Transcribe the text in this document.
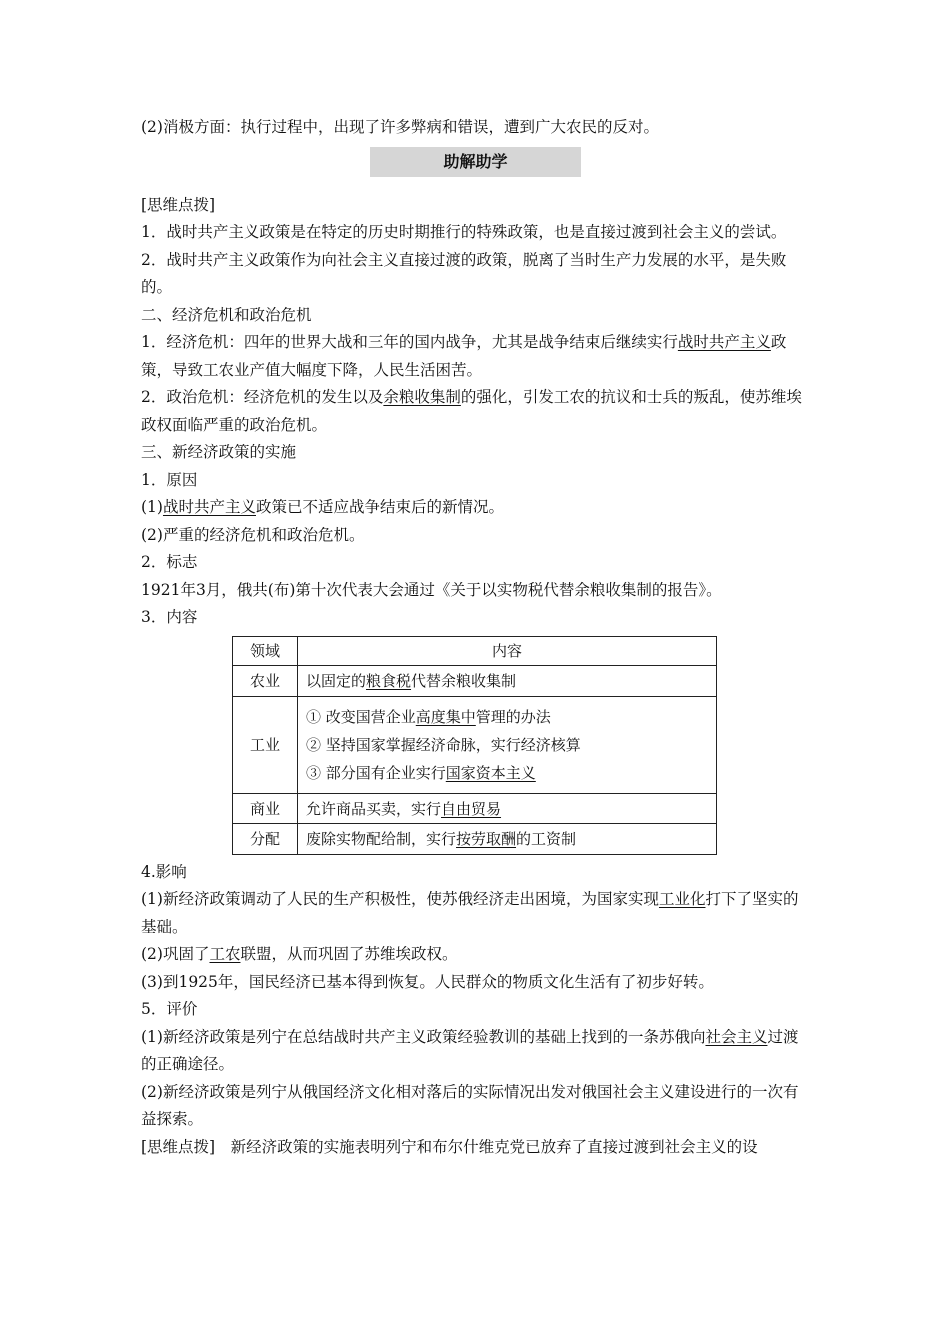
(2)消极方面：执行过程中，出现了许多弊病和错误，遭到广大农民的反对。
助解助学
[思维点拨]
1．战时共产主义政策是在特定的历史时期推行的特殊政策，也是直接过渡到社会主义的尝试。
2．战时共产主义政策作为向社会主义直接过渡的政策，脱离了当时生产力发展的水平，是失败的。
二、经济危机和政治危机
1．经济危机：四年的世界大战和三年的国内战争，尤其是战争结束后继续实行战时共产主义政策，导致工农业产值大幅度下降，人民生活困苦。
2．政治危机：经济危机的发生以及余粮收集制的强化，引发工农的抗议和士兵的叛乱，使苏维埃政权面临严重的政治危机。
三、新经济政策的实施
1．原因
(1)战时共产主义政策已不适应战争结束后的新情况。
(2)严重的经济危机和政治危机。
2．标志
1921年3月，俄共(布)第十次代表大会通过《关于以实物税代替余粮收集制的报告》。
3．内容
领域	内容
农业	以固定的粮食税代替余粮收集制
工业	① 改变国营企业高度集中管理的办法
② 坚持国家掌握经济命脉，实行经济核算
③ 部分国有企业实行国家资本主义

商业	允许商品买卖，实行自由贸易
分配	废除实物配给制，实行按劳取酬的工资制
4.影响
(1)新经济政策调动了人民的生产积极性，使苏俄经济走出困境，为国家实现工业化打下了坚实的基础。
(2)巩固了工农联盟，从而巩固了苏维埃政权。
(3)到1925年，国民经济已基本得到恢复。人民群众的物质文化生活有了初步好转。
5．评价
(1)新经济政策是列宁在总结战时共产主义政策经验教训的基础上找到的一条苏俄向社会主义过渡的正确途径。
(2)新经济政策是列宁从俄国经济文化相对落后的实际情况出发对俄国社会主义建设进行的一次有益探索。
[思维点拨]　新经济政策的实施表明列宁和布尔什维克党已放弃了直接过渡到社会主义的设
